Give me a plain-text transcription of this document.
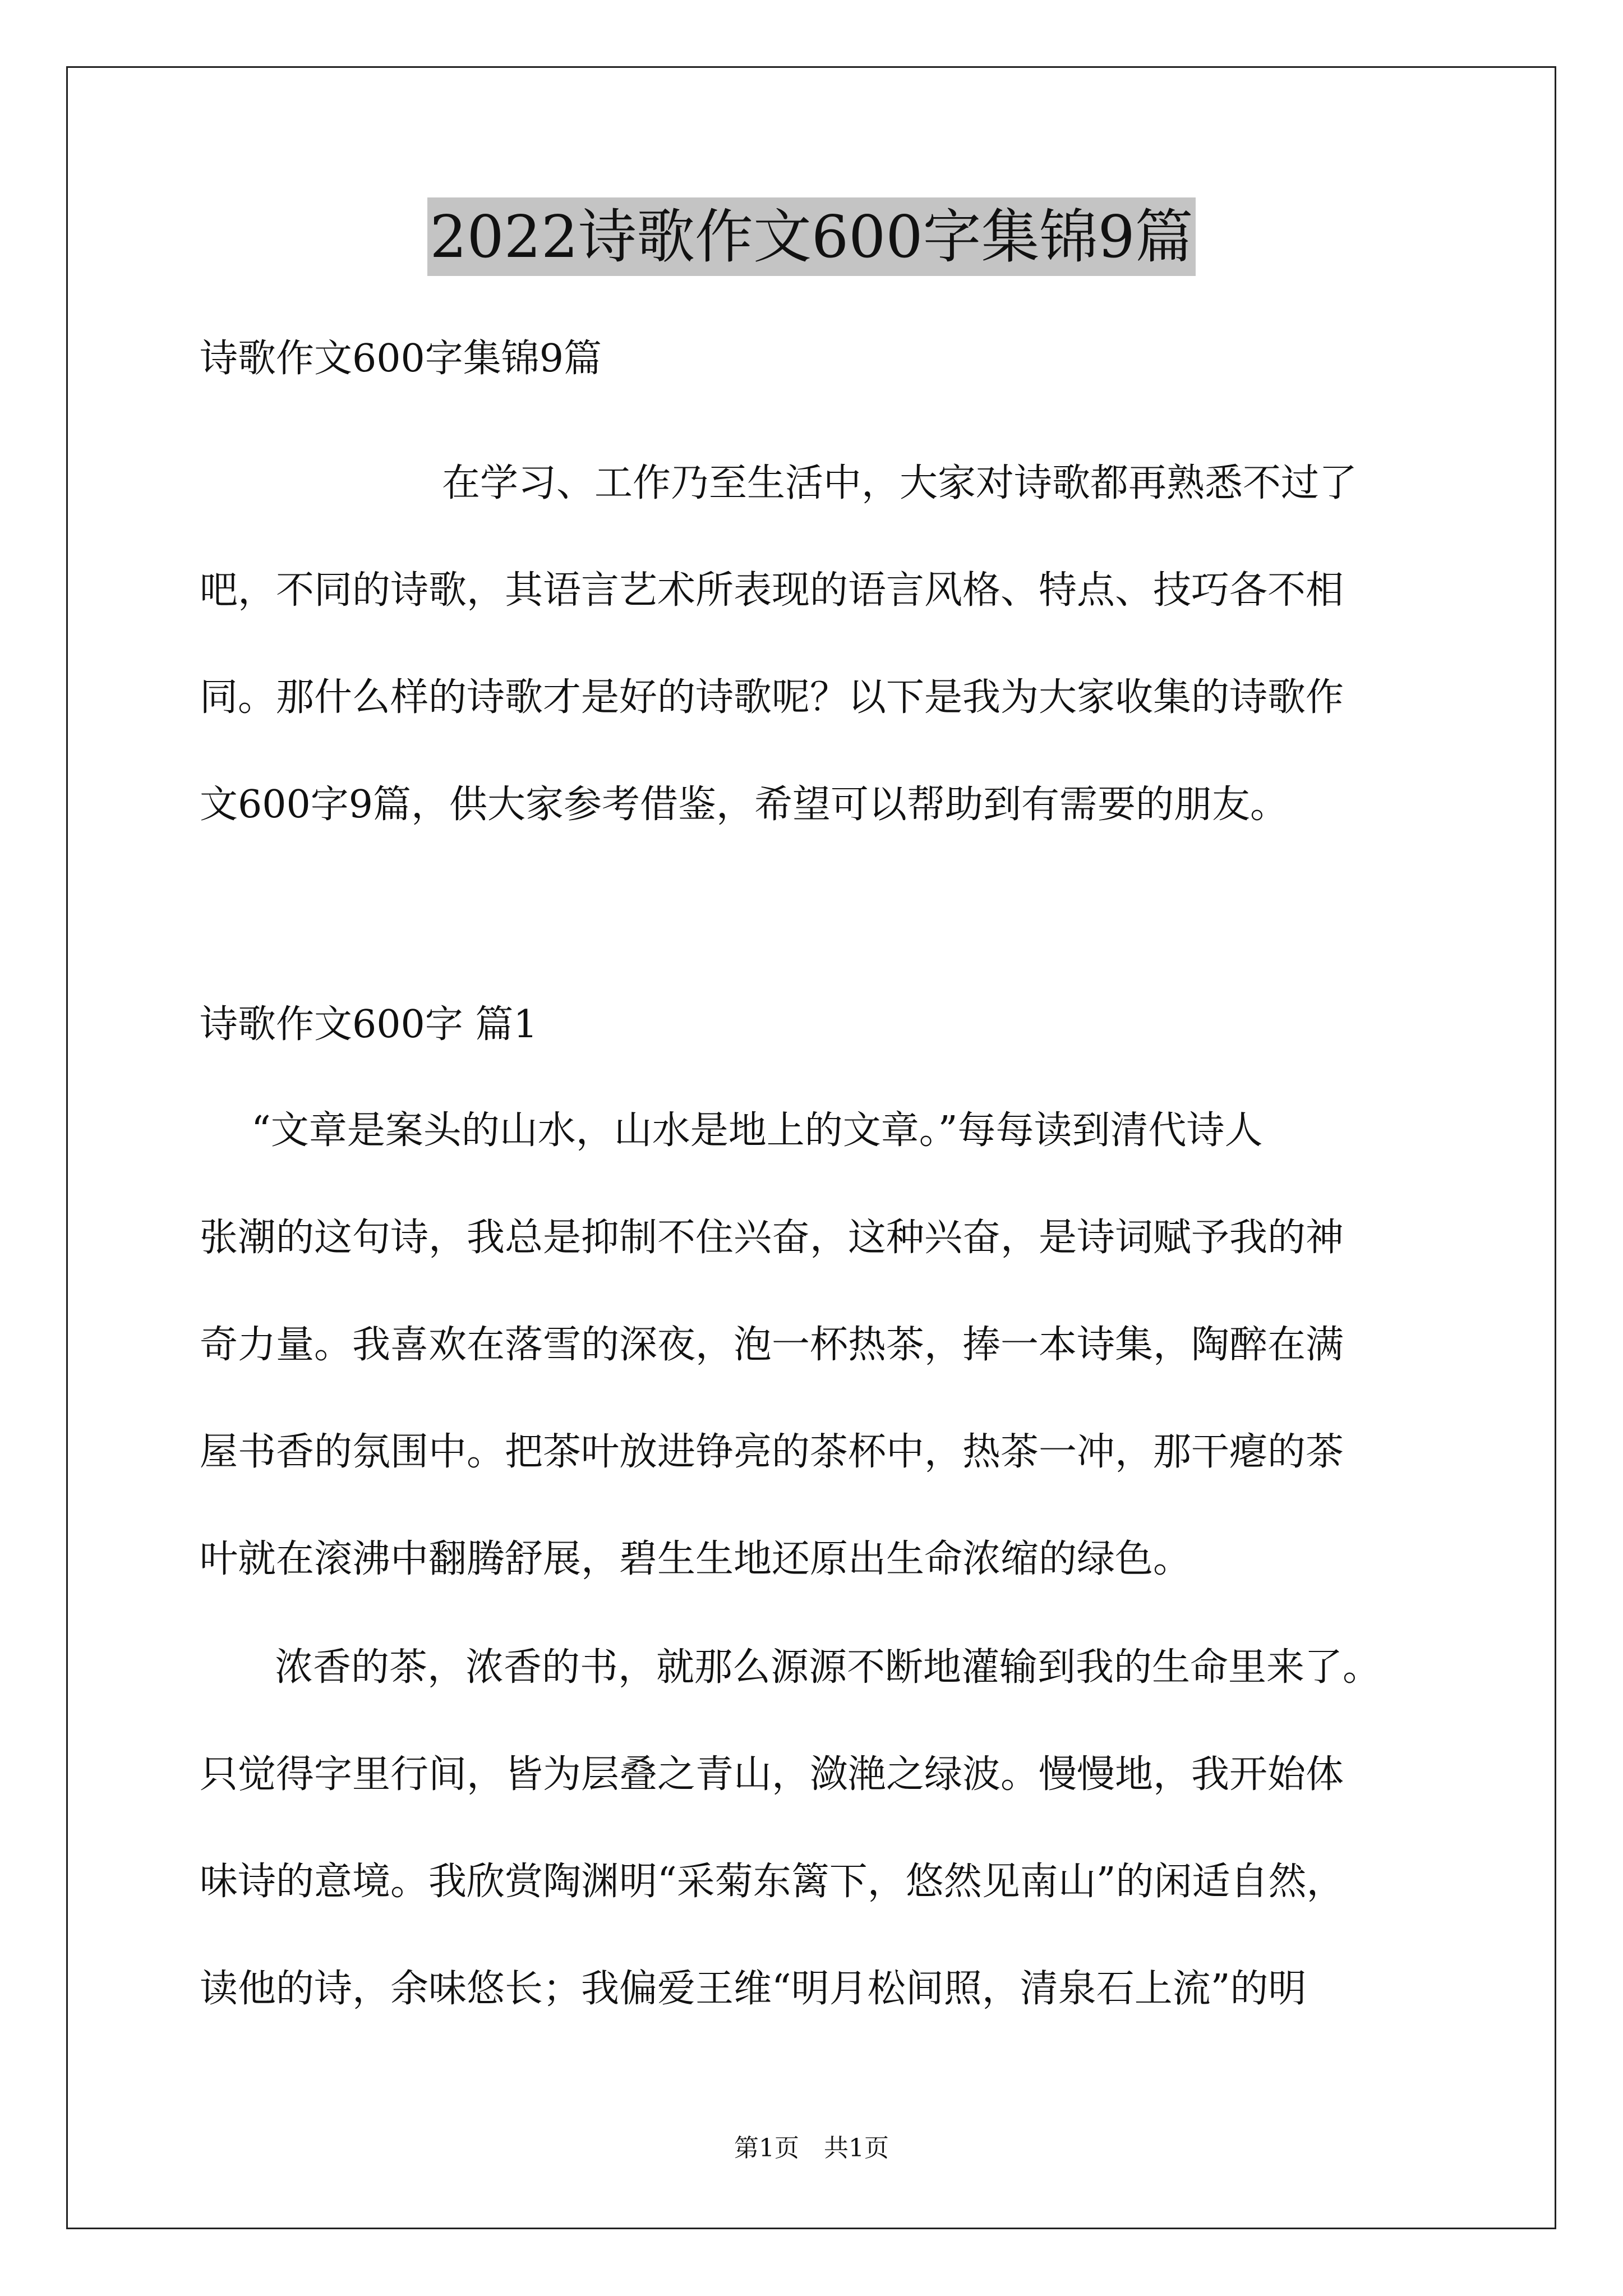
2022诗歌作文600字集锦9篇
诗歌作文600字集锦9篇
在学习、工作乃至生活中，大家对诗歌都再熟悉不过了
吧，不同的诗歌，其语言艺术所表现的语言风格、特点、技巧各不相
同。那什么样的诗歌才是好的诗歌呢？以下是我为大家收集的诗歌作
文600字9篇，供大家参考借鉴，希望可以帮助到有需要的朋友。
诗歌作文600字 篇1
“文章是案头的山水，山水是地上的文章。”每每读到清代诗人
张潮的这句诗，我总是抑制不住兴奋，这种兴奋，是诗词赋予我的神
奇力量。我喜欢在落雪的深夜，泡一杯热茶，捧一本诗集，陶醉在满
屋书香的氛围中。把茶叶放进铮亮的茶杯中，热茶一冲，那干瘪的茶
叶就在滚沸中翻腾舒展，碧生生地还原出生命浓缩的绿色。
浓香的茶，浓香的书，就那么源源不断地灌输到我的生命里来了。
只觉得字里行间，皆为层叠之青山，潋滟之绿波。慢慢地，我开始体
味诗的意境。我欣赏陶渊明“采菊东篱下，悠然见南山”的闲适自然，
读他的诗，余味悠长；我偏爱王维“明月松间照，清泉石上流”的明
第1页　共1页
